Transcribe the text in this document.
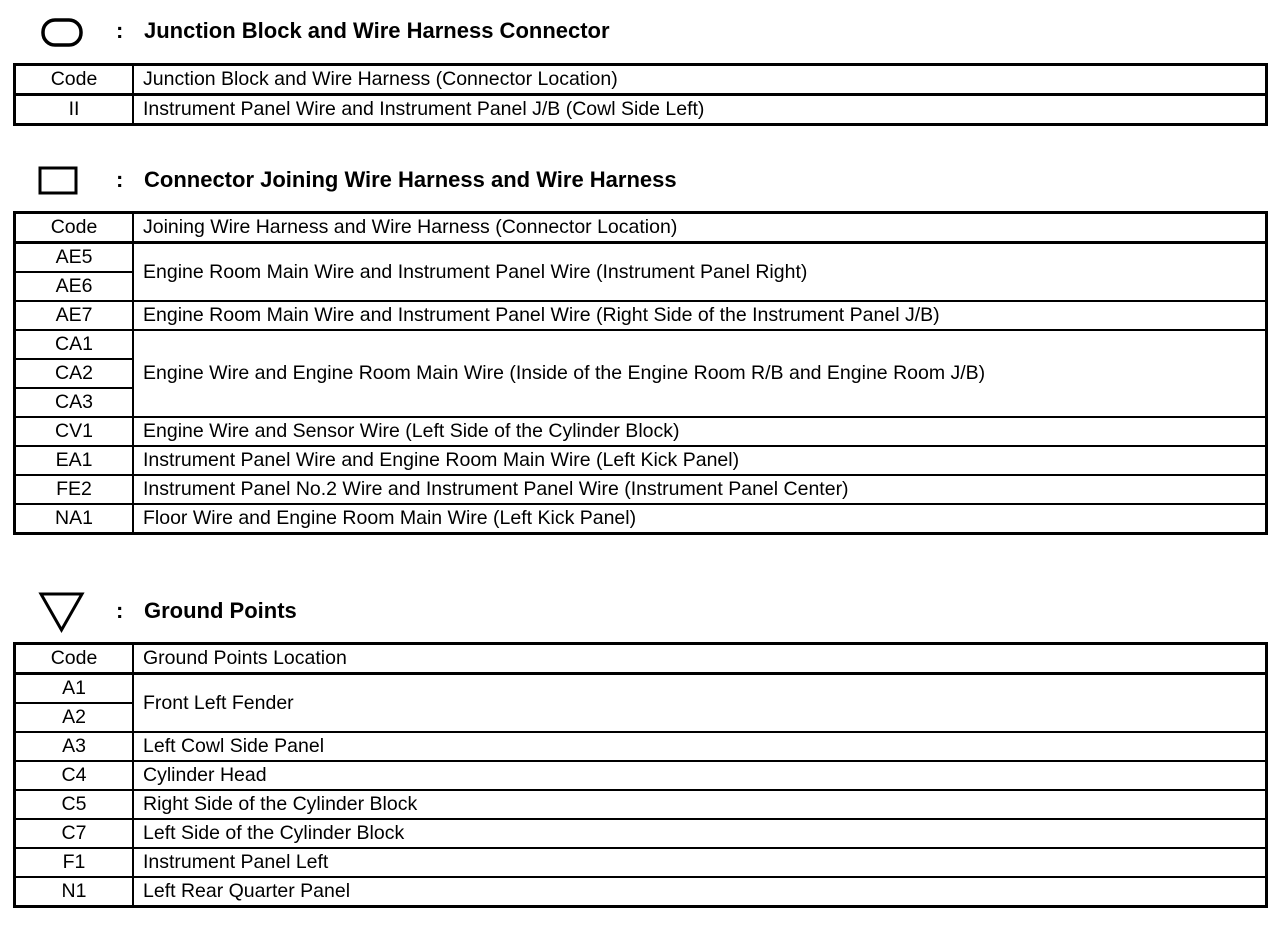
: Junction Block and Wire Harness Connector
Code	Junction Block and Wire Harness (Connector Location)
II	Instrument Panel Wire and Instrument Panel J/B (Cowl Side Left)
: Connector Joining Wire Harness and Wire Harness
Code	Joining Wire Harness and Wire Harness (Connector Location)
AE5	Engine Room Main Wire and Instrument Panel Wire (Instrument Panel Right)
AE6	
AE7	Engine Room Main Wire and Instrument Panel Wire (Right Side of the Instrument Panel J/B)
CA1	Engine Wire and Engine Room Main Wire (Inside of the Engine Room R/B and Engine Room J/B)
CA2	
CA3	
CV1	Engine Wire and Sensor Wire (Left Side of the Cylinder Block)
EA1	Instrument Panel Wire and Engine Room Main Wire (Left Kick Panel)
FE2	Instrument Panel No.2 Wire and Instrument Panel Wire (Instrument Panel Center)
NA1	Floor Wire and Engine Room Main Wire (Left Kick Panel)
: Ground Points
Code	Ground Points Location
A1	Front Left Fender
A2	
A3	Left Cowl Side Panel
C4	Cylinder Head
C5	Right Side of the Cylinder Block
C7	Left Side of the Cylinder Block
F1	Instrument Panel Left
N1	Left Rear Quarter Panel
